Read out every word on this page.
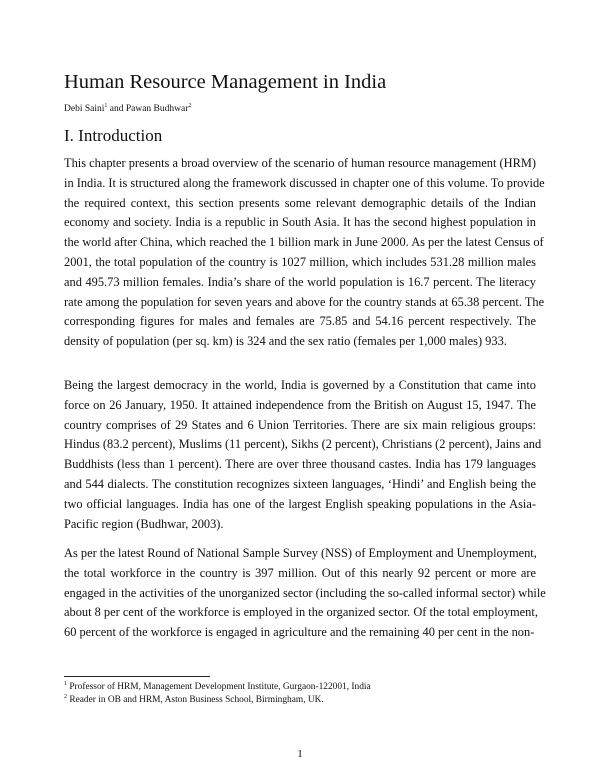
Human Resource Management in India
Debi Saini$^1$ and Pawan Budhwar$^2$
I. Introduction
This chapter presents a broad overview of the scenario of human resource management (HRM)
in India. It is structured along the framework discussed in chapter one of this volume. To provide
the required context, this section presents some relevant demographic details of the Indian
economy and society. India is a republic in South Asia. It has the second highest population in
the world after China, which reached the 1 billion mark in June 2000. As per the latest Census of
2001, the total population of the country is 1027 million, which includes 531.28 million males
and 495.73 million females. India’s share of the world population is 16.7 percent. The literacy
rate among the population for seven years and above for the country stands at 65.38 percent. The
corresponding figures for males and females are 75.85 and 54.16 percent respectively. The
density of population (per sq. km) is 324 and the sex ratio (females per 1,000 males) 933.
Being the largest democracy in the world, India is governed by a Constitution that came into
force on 26 January, 1950. It attained independence from the British on August 15, 1947. The
country comprises of 29 States and 6 Union Territories. There are six main religious groups:
Hindus (83.2 percent), Muslims (11 percent), Sikhs (2 percent), Christians (2 percent), Jains and
Buddhists (less than 1 percent). There are over three thousand castes. India has 179 languages
and 544 dialects. The constitution recognizes sixteen languages, ‘Hindi’ and English being the
two official languages. India has one of the largest English speaking populations in the Asia-
Pacific region (Budhwar, 2003).
As per the latest Round of National Sample Survey (NSS) of Employment and Unemployment,
the total workforce in the country is 397 million. Out of this nearly 92 percent or more are
engaged in the activities of the unorganized sector (including the so-called informal sector) while
about 8 per cent of the workforce is employed in the organized sector. Of the total employment,
60 percent of the workforce is engaged in agriculture and the remaining 40 per cent in the non-
$^1$ Professor of HRM, Management Development Institute, Gurgaon-122001, India
$^2$ Reader in OB and HRM, Aston Business School, Birmingham, UK.
1
